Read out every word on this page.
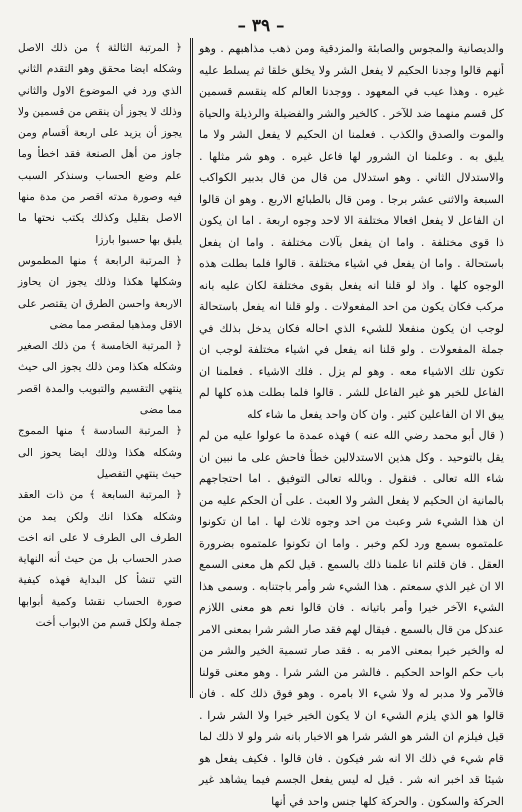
– ٣٩ –

والديصانية والمجوس والصابئة والمزدقية ومن ذهب مذاهبهم . وهو أنهم قالوا وجدنا الحكيم لا يفعل الشر ولا يخلق خلقا ثم يسلط عليه غيره . وهذا عيب في المعهود . ووجدنا العالم كله ينقسم قسمين كل قسم منهما ضد للآخر . كالخير والشر والفضيلة والرذيلة والحياة والموت والصدق والكذب . فعلمنا ان الحكيم لا يفعل الشر ولا ما يليق به . وعلمنا ان الشرور لها فاعل غيره . وهو شر مثلها . والاستدلال الثاني . وهو استدلال من قال من قال بدبير الكواكب السبعة والاثنى عشر برجا . ومن قال بالطبائع الاربع . وهو ان قالوا ان الفاعل لا يفعل افعالا مختلفة الا لاحد وجوه اربعة . اما ان يكون ذا قوى مختلفة . واما ان يفعل بآلات مختلفة . واما ان يفعل باستحالة . واما ان يفعل في اشياء مختلفة . قالوا فلما بطلت هذه الوجوه كلها . واذ لو قلنا انه يفعل بقوى مختلفة لكان عليه بانه مركب فكان يكون من احد المفعولات . ولو قلنا انه يفعل باستحالة لوجب ان يكون منفعلا للشيء الذي احاله فكان يدخل بذلك في جملة المفعولات . ولو قلنا انه يفعل في اشياء مختلفة لوجب ان تكون تلك الاشياء معه . وهو لم يزل . فلك الاشياء . فعلمنا ان الفاعل للخير هو غير الفاعل للشر . قالوا فلما بطلت هذه كلها لم يبق الا ان الفاعلين كثير . وان كان واحد يفعل ما شاء كله

( قال أبو محمد رضي الله عنه ) فهذه عمدة ما عولوا عليه من لم يقل بالتوحيد . وكل هذين الاستدلالين خطأ فاحش على ما نبين ان شاء الله تعالى . فنقول . وبالله تعالى التوفيق . اما احتجاجهم بالمانية ان الحكيم لا يفعل الشر ولا العبث . على أن الحكم عليه من ان هذا الشيء شر وعبث من احد وجوه ثلاث لها . اما ان تكونوا علمتموه بسمع ورد لكم وخبر . واما ان تكونوا علمتموه بضرورة العقل . فان قلتم انا علمنا ذلك بالسمع . قيل لكم هل معنى السمع الا ان غير الذي سمعتم . هذا الشيء شر وأمر باجتنابه . وسمى هذا الشيء الآخر خيرا وأمر باتيانه . فان قالوا نعم هو معنى اللازم عندكل من قال بالسمع . فيقال لهم فقد صار الشر شرا بمعنى الامر له والخير خيرا بمعنى الامر به . فقد صار تسمية الخير والشر من باب حكم الواحد الحكيم . فالشر من الشر شرا . وهو معنى قولنا فالآمر ولا مدبر له ولا شيء الا بامره . وهو فوق ذلك كله . فان قالوا هو الذي يلزم الشيء ان لا يكون الخير خيرا ولا الشر شرا . قيل فيلزم ان الشر هو الشر شرا هو الاخبار بانه شر ولو لا ذلك لما قام شيء في ذلك الا انه شر فيكون . فان قالوا . فكيف يفعل هو شيئا قد اخبر انه شر . قيل له ليس يفعل الجسم فيما يشاهد غير الحركة والسكون . والحركة كلها جنس واحد في أنها

﴿ المرتبة الثالثة ﴾ من ذلك الاصل وشكله ايضا محقق وهو التقدم الثاني الذي ورد في الموضوع الاول والثاني وذلك لا يجوز أن ينقص من قسمين ولا يجوز أن يزيد على اربعة أقسام ومن جاوز من أهل الصنعة فقد اخطأ وما علم وضع الحساب وسنذكر السبب فيه وصورة مدته اقصر من مدة منها الاصل بقليل وكذلك يكتب نحتها ما يليق بها حسبوا بارزا

﴿ المرتبة الرابعة ﴾ منها المطموس وشكلها هكذا وذلك يجوز ان يحاوز الاربعة واحسن الطرق ان يقتصر على الاقل ومذهبا لمقصر مما مضى

﴿ المرتبة الخامسة ﴾ من ذلك الصغير وشكله هكذا ومن ذلك يجوز الى حيث ينتهي التقسيم والتبويب والمدة اقصر مما مضى

﴿ المرتبة السادسة ﴾ منها المموج وشكله هكذا وذلك ايضا يحوز الى حيث ينتهي التفصيل

﴿ المرتبة السابعة ﴾ من ذات العقد وشكله هكذا انك ولكن يمد من الطرف الى الطرف لا على انه اخت صدر الحساب بل من حيث أنه النهاية التي تنشأ كل البداية فهذه كيفية صورة الحساب نقشا وكمية أبوابها جملة ولكل قسم من الابواب أخت
